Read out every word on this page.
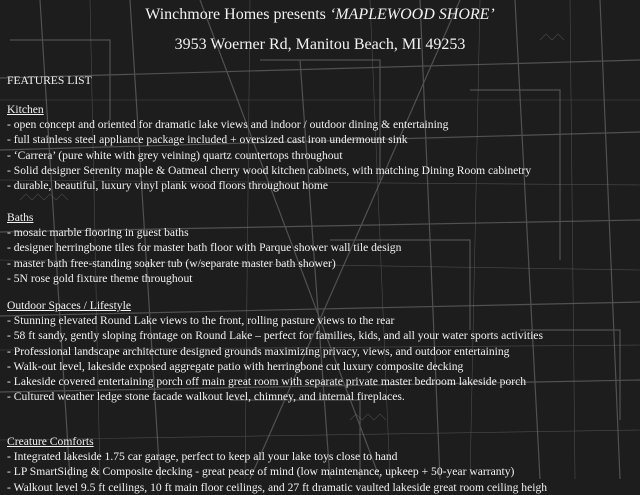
Winchmore Homes presents ‘MAPLEWOOD SHORE’
3953 Woerner Rd, Manitou Beach, MI 49253
FEATURES LIST
Kitchen
- open concept and oriented for dramatic lake views and indoor / outdoor dining & entertaining
- full stainless steel appliance package included + oversized cast iron undermount sink
- ‘Carrera’ (pure white with grey veining) quartz countertops throughout
- Solid designer Serenity maple & Oatmeal cherry wood kitchen cabinets, with matching Dining Room cabinetry
- durable, beautiful, luxury vinyl plank wood floors throughout home
Baths
- mosaic marble flooring in guest baths
- designer herringbone tiles for master bath floor with Parque shower wall tile design
- master bath free-standing soaker tub (w/separate master bath shower)
- 5N rose gold fixture theme throughout
Outdoor Spaces / Lifestyle
- Stunning elevated Round Lake views to the front, rolling pasture views to the rear
- 58 ft sandy, gently sloping frontage on Round Lake – perfect for families, kids, and all your water sports activities
- Professional landscape architecture designed grounds maximizing privacy, views, and outdoor entertaining
- Walk-out level, lakeside exposed aggregate patio with herringbone cut luxury composite decking
- Lakeside covered entertaining porch off main great room with separate private master bedroom lakeside porch
- Cultured weather ledge stone facade walkout level, chimney, and internal fireplaces.
Creature Comforts
- Integrated lakeside 1.75 car garage, perfect to keep all your lake toys close to hand
- LP SmartSiding & Composite decking - great peace of mind (low maintenance, upkeep + 50-year warranty)
- Walkout level 9.5 ft ceilings, 10 ft main floor ceilings, and 27 ft dramatic vaulted lakeside great room ceiling heigh
